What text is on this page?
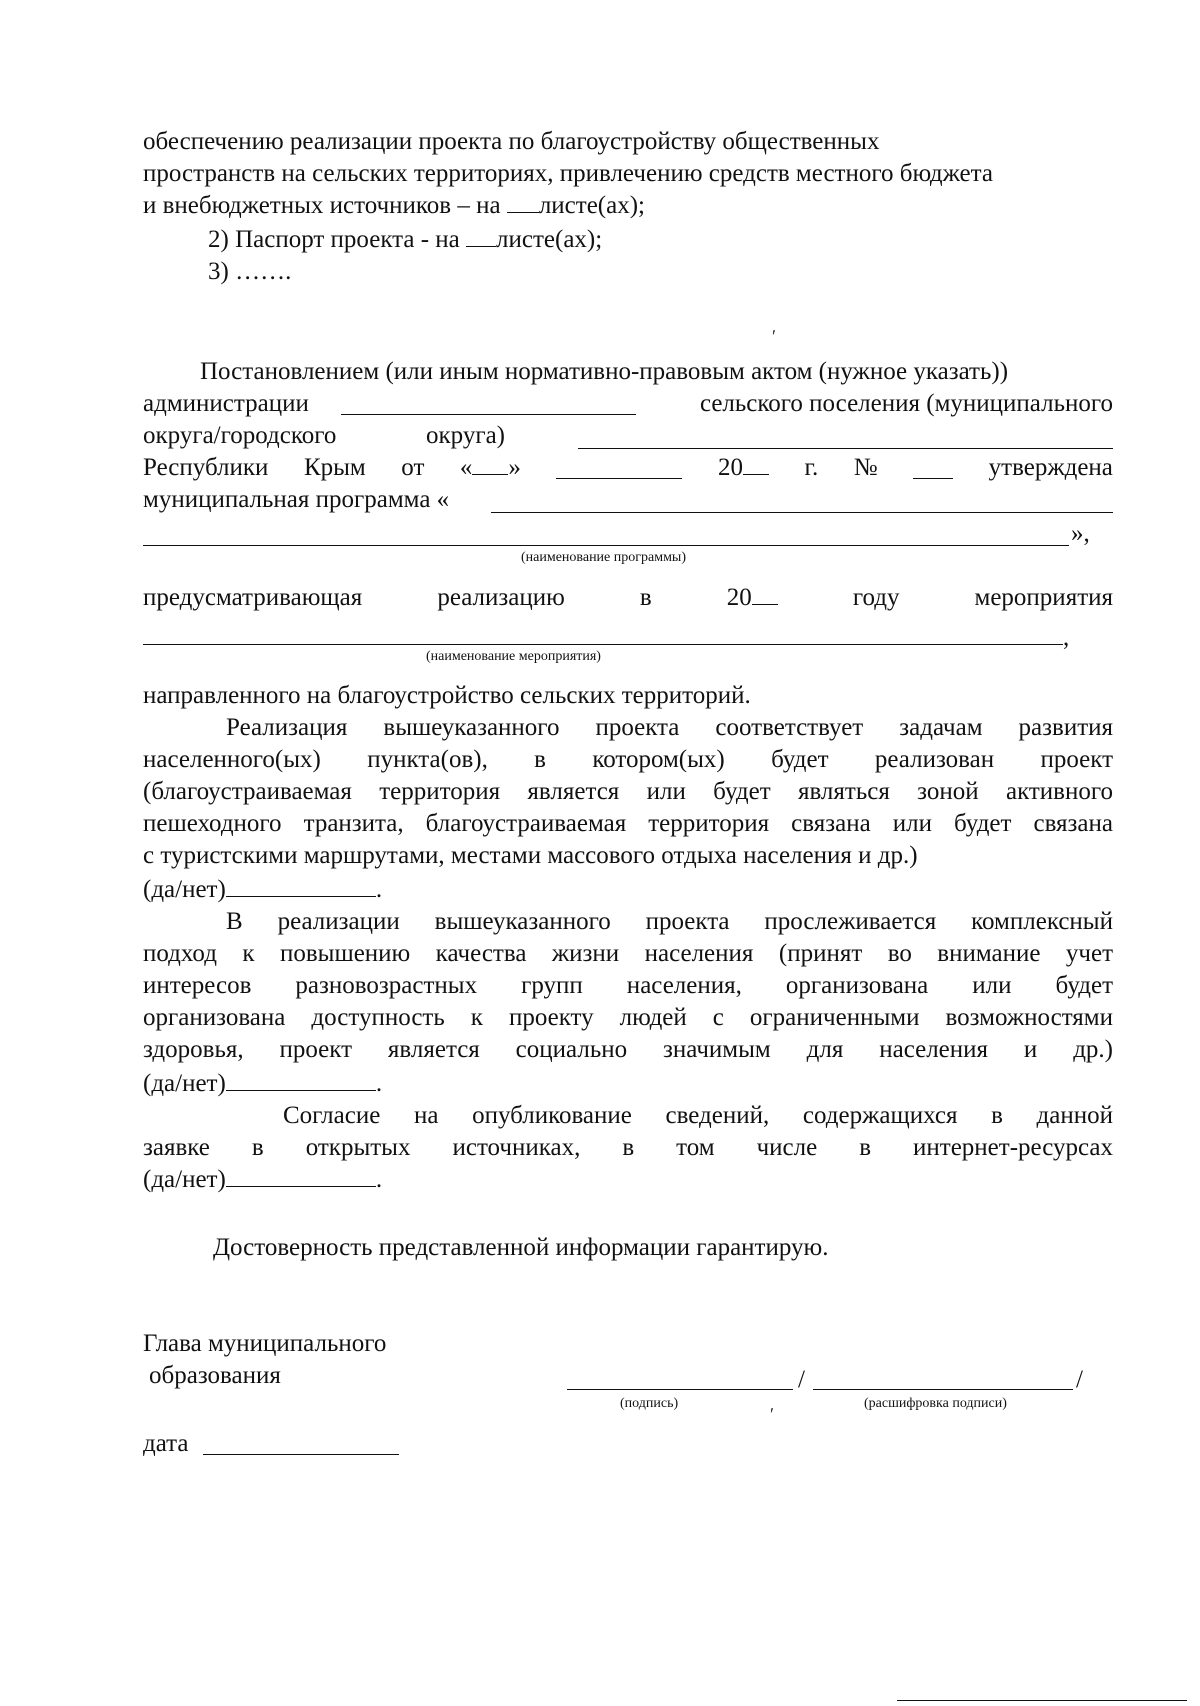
обеспечению реализации проекта по благоустройству общественных
пространств на сельских территориях, привлечению средств местного бюджета
и внебюджетных источников – на листе(ах);
2) Паспорт проекта - на листе(ах);
3) …….
ʹ
Постановлением (или иным нормативно-правовым актом (нужное указать))
администрации	сельского поселения (муниципального
округа/городского	округа)
Республики Крым от « »	20	г. №	утверждена
муниципальная программа «
»,
(наименование программы)
предусматривающая	реализацию	в	20	году	мероприятия
,
(наименование мероприятия)
направленного на благоустройство сельских территорий.
Реализация вышеуказанного проекта соответствует задачам развития
населенного(ых) пункта(ов), в котором(ых) будет реализован проект
(благоустраиваемая территория является или будет являться зоной активного
пешеходного транзита, благоустраиваемая территория связана или будет связана
с туристскими маршрутами, местами массового отдыха населения и др.)
(да/нет)	.
В реализации вышеуказанного проекта прослеживается комплексный
подход к повышению качества жизни населения (принят во внимание учет
интересов разновозрастных групп населения, организована или будет
организована доступность к проекту людей с ограниченными возможностями
здоровья, проект является социально значимым для населения и др.)
(да/нет)	.
Согласие на опубликование сведений, содержащихся в данной
заявке в открытых источниках, в том числе в интернет-ресурсах
(да/нет)	.
Достоверность представленной информации гарантирую.
Глава муниципального
образования	/	/
(подпись)	(расшифровка подписи)
ʹ
дата
